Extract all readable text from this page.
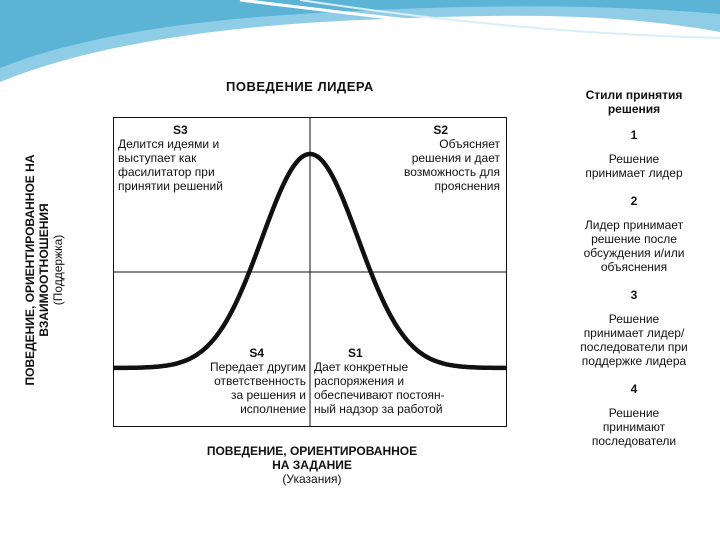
ПОВЕДЕНИЕ ЛИДЕРА
ПОВЕДЕНИЕ, ОРИЕНТИРОВАННОЕ НА
ВЗАИМООТНОШЕНИЯ (Поддержка)
S3
Делится идеями и
выступает как
фасилитатор при
принятии решений
S2
Объясняет
решения и дает
возможность для
прояснения
S4
Передает другим
ответственность
за решения и
исполнение
S1
Дает конкретные
распоряжения и
обеспечивают постоян-
ный надзор за работой
ПОВЕДЕНИЕ, ОРИЕНТИРОВАННОЕ
НА ЗАДАНИЕ
(Указания)
Стили принятия
решения
1
Решение
принимает лидер
2
Лидер принимает
решение после
обсуждения и/или
объяснения
3
Решение
принимает лидер/
последователи при
поддержке лидера
4
Решение
принимают
последователи
